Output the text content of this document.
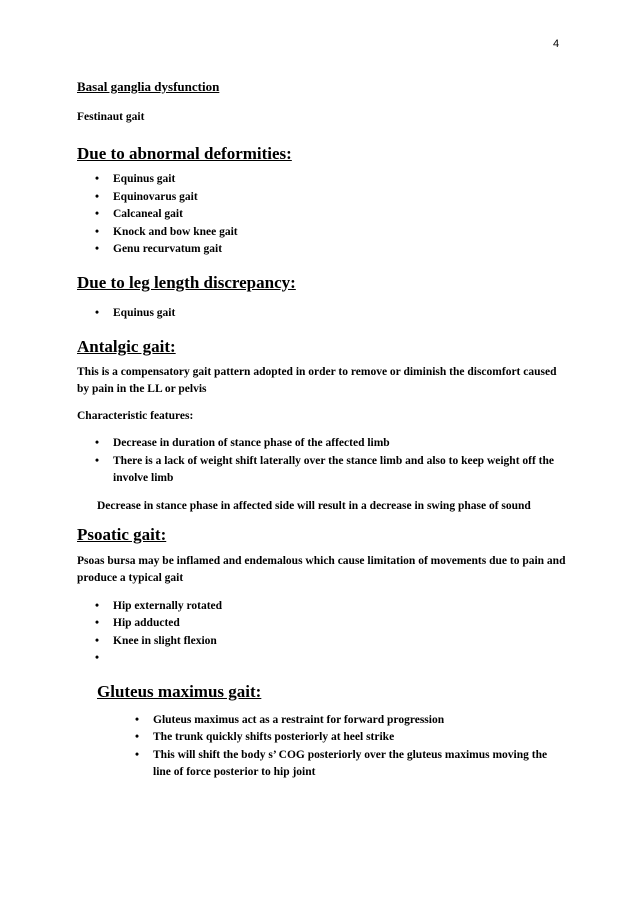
4
Basal ganglia dysfunction

Festinaut gait

Due to abnormal deformities:
• Equinus gait
• Equinovarus gait
• Calcaneal gait
• Knock and bow knee gait
• Genu recurvatum gait
Due to leg length discrepancy:
• Equinus gait
Antalgic gait:

This is a compensatory gait pattern adopted in order to remove or diminish the discomfort caused by pain in the LL or pelvis

Characteristic features:

• Decrease in duration of stance phase of the affected limb
• There is a lack of weight shift laterally over the stance limb and also to keep weight off the involve limb

Decrease in stance phase in affected side will result in a decrease in swing phase of sound

Psoatic gait:

Psoas bursa may be inflamed and endemalous which cause limitation of movements due to pain and produce a typical gait

• Hip externally rotated
• Hip adducted
• Knee in slight flexion
•
Gluteus maximus gait:
• Gluteus maximus act as a restraint for forward progression
• The trunk quickly shifts posteriorly at heel strike
• This will shift the body s’ COG posteriorly over the gluteus maximus moving the line of force posterior to hip joint
